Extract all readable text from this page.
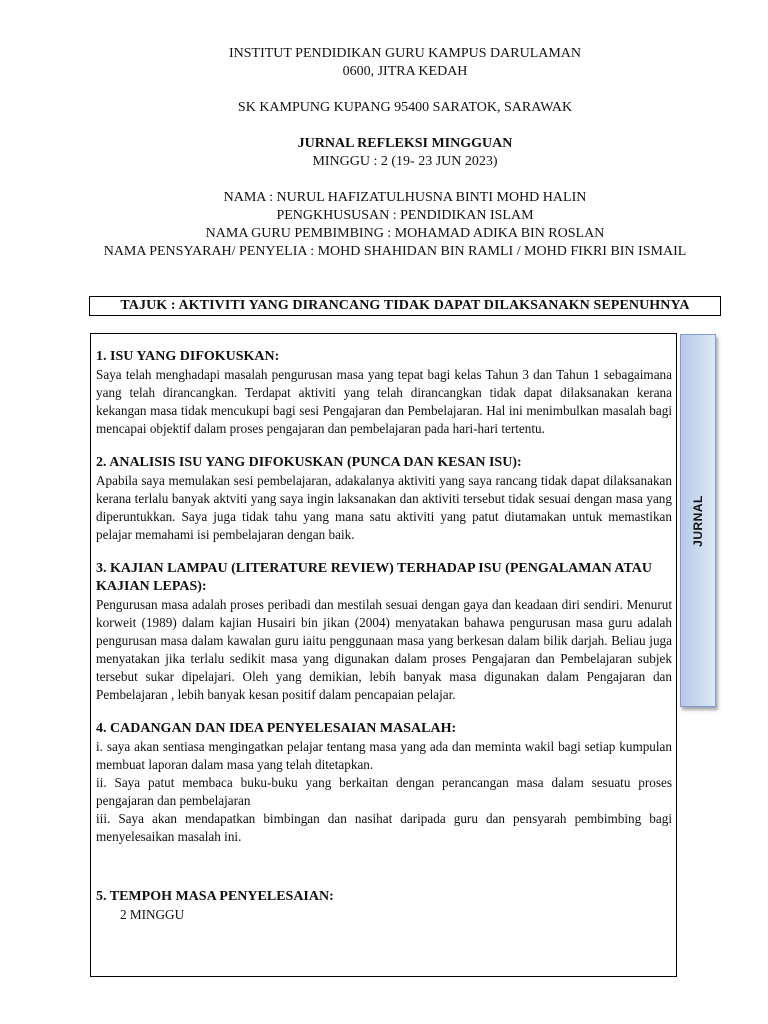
INSTITUT PENDIDIKAN GURU KAMPUS DARULAMAN
0600, JITRA KEDAH
SK KAMPUNG KUPANG 95400 SARATOK, SARAWAK
JURNAL REFLEKSI MINGGUAN
MINGGU : 2 (19- 23 JUN 2023)
NAMA : NURUL HAFIZATULHUSNA BINTI MOHD HALIN
PENGKHUSUSAN : PENDIDIKAN ISLAM
NAMA GURU PEMBIMBING : MOHAMAD ADIKA BIN ROSLAN
NAMA PENSYARAH/ PENYELIA : MOHD SHAHIDAN BIN RAMLI / MOHD FIKRI BIN ISMAIL
TAJUK : AKTIVITI YANG DIRANCANG TIDAK DAPAT DILAKSANAKN SEPENUHNYA
JURNAL
1. ISU YANG DIFOKUSKAN:
Saya telah menghadapi masalah pengurusan masa yang tepat bagi kelas Tahun 3 dan Tahun 1 sebagaimana yang telah dirancangkan. Terdapat aktiviti yang telah dirancangkan tidak dapat dilaksanakan kerana kekangan masa tidak mencukupi bagi sesi Pengajaran dan Pembelajaran. Hal ini menimbulkan masalah bagi mencapai objektif dalam proses pengajaran dan pembelajaran pada hari-hari tertentu.
2. ANALISIS ISU YANG DIFOKUSKAN (PUNCA DAN KESAN ISU):
Apabila saya memulakan sesi pembelajaran, adakalanya aktiviti yang saya rancang tidak dapat dilaksanakan kerana terlalu banyak aktviti yang saya ingin laksanakan dan aktiviti tersebut tidak sesuai dengan masa yang diperuntukkan. Saya juga tidak tahu yang mana satu aktiviti yang patut diutamakan untuk memastikan pelajar memahami isi pembelajaran dengan baik.
3. KAJIAN LAMPAU (LITERATURE REVIEW) TERHADAP ISU (PENGALAMAN ATAU KAJIAN LEPAS):
Pengurusan masa adalah proses peribadi dan mestilah sesuai dengan gaya dan keadaan diri sendiri. Menurut korweit (1989) dalam kajian Husairi bin jikan (2004) menyatakan bahawa pengurusan masa guru adalah pengurusan masa dalam kawalan guru iaitu penggunaan masa yang berkesan dalam bilik darjah. Beliau juga menyatakan jika terlalu sedikit masa yang digunakan dalam proses Pengajaran dan Pembelajaran subjek tersebut sukar dipelajari. Oleh yang demikian, lebih banyak masa digunakan dalam Pengajaran dan Pembelajaran , lebih banyak kesan positif dalam pencapaian pelajar.
4. CADANGAN DAN IDEA PENYELESAIAN MASALAH:
i. saya akan sentiasa mengingatkan pelajar tentang masa yang ada dan meminta wakil bagi setiap kumpulan membuat laporan dalam masa yang telah ditetapkan.
ii. Saya patut membaca buku-buku yang berkaitan dengan perancangan masa dalam sesuatu proses pengajaran dan pembelajaran
iii. Saya akan mendapatkan bimbingan dan nasihat daripada guru dan pensyarah pembimbing bagi menyelesaikan masalah ini.
5. TEMPOH MASA PENYELESAIAN:
2 MINGGU
